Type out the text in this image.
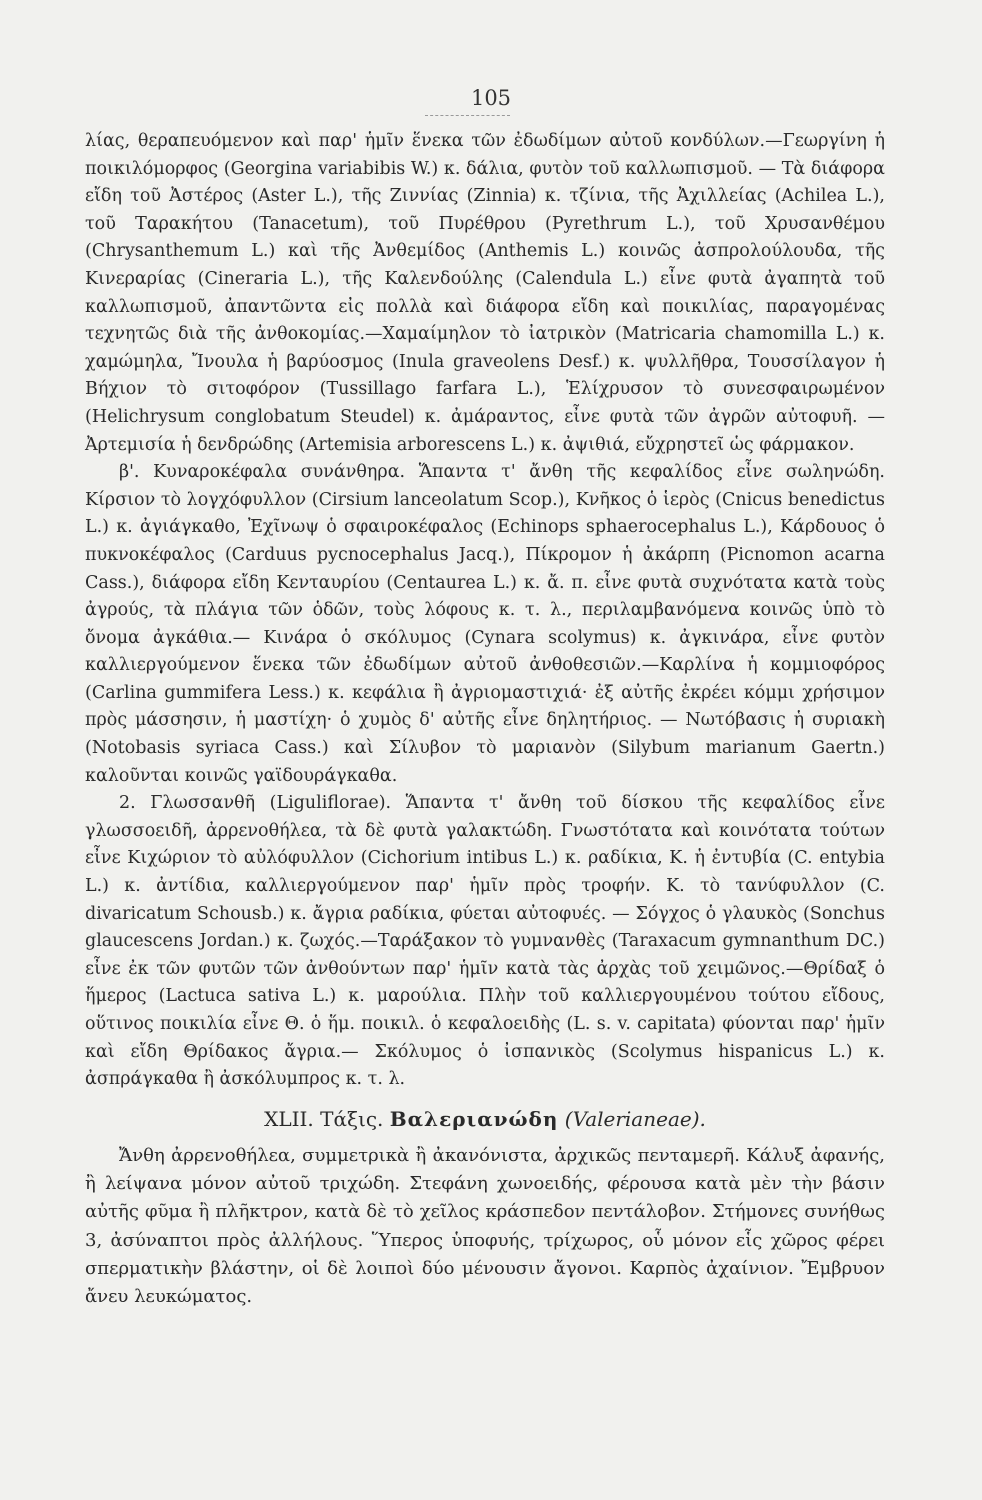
105

λίας, θεραπευόμενον καὶ παρ' ἡμῖν ἕνεκα τῶν ἐδωδίμων αὐτοῦ κονδύλων.—Γεωργίνη ἡ ποικιλόμορφος (Georgina variabibis W.) κ. δάλια, φυτὸν τοῦ καλλωπισμοῦ. — Τὰ διάφορα εἴδη τοῦ Ἀστέρος (Aster L.), τῆς Ζιννίας (Zinnia) κ. τζίνια, τῆς Ἀχιλλείας (Achilea L.), τοῦ Ταρακήτου (Tanacetum), τοῦ Πυρέθρου (Pyrethrum L.), τοῦ Χρυσανθέμου (Chrysanthemum L.) καὶ τῆς Ἀνθεμίδος (Anthemis L.) κοινῶς ἀσπρολούλουδα, τῆς Κινεραρίας (Cineraria L.), τῆς Καλενδούλης (Calendula L.) εἶνε φυτὰ ἀγαπητὰ τοῦ καλλωπισμοῦ, ἀπαντῶντα εἰς πολλὰ καὶ διάφορα εἴδη καὶ ποικιλίας, παραγομένας τεχνητῶς διὰ τῆς ἀνθοκομίας.—Χαμαίμηλον τὸ ἰατρικὸν (Matricaria chamomilla L.) κ. χαμώμηλα, Ἴνουλα ἡ βαρύοσμος (Inula graveolens Desf.) κ. ψυλλῆθρα, Τουσσίλαγον ἡ Βήχιον τὸ σιτοφόρον (Tussillago farfara L.), Ἑλίχρυσον τὸ συνεσφαιρωμένον (Helichrysum conglobatum Steudel) κ. ἀμάραντος, εἶνε φυτὰ τῶν ἀγρῶν αὐτοφυῆ. — Ἀρτεμισία ἡ δενδρώδης (Artemisia arborescens L.) κ. ἀψιθιά, εὔχρηστεῖ ὡς φάρμακον.

β'. Κυναροκέφαλα συνάνθηρα. Ἅπαντα τ' ἄνθη τῆς κεφαλίδος εἶνε σωληνώδη. Κίρσιον τὸ λογχόφυλλον (Cirsium lanceolatum Scop.), Κνῆκος ὁ ἱερὸς (Cnicus benedictus L.) κ. ἀγιάγκαθο, Ἐχῖνωψ ὁ σφαιροκέφαλος (Echinops sphaerocephalus L.), Κάρδουος ὁ πυκνοκέφαλος (Carduus pycnocephalus Jacq.), Πίκρομον ἡ ἀκάρπη (Picnomon acarna Cass.), διάφορα εἴδη Κενταυρίου (Centaurea L.) κ. ἄ. π. εἶνε φυτὰ συχνότατα κατὰ τοὺς ἀγρούς, τὰ πλάγια τῶν ὁδῶν, τοὺς λόφους κ. τ. λ., περιλαμβανόμενα κοινῶς ὑπὸ τὸ ὄνομα ἀγκάθια.— Κινάρα ὁ σκόλυμος (Cynara scolymus) κ. ἀγκινάρα, εἶνε φυτὸν καλλιεργούμενον ἕνεκα τῶν ἐδωδίμων αὐτοῦ ἀνθοθεσιῶν.—Καρλίνα ἡ κομμιοφόρος (Carlina gummifera Less.) κ. κεφάλια ἢ ἀγριομαστιχιά· ἐξ αὐτῆς ἐκρέει κόμμι χρήσιμον πρὸς μάσσησιν, ἡ μαστίχη· ὁ χυμὸς δ' αὐτῆς εἶνε δηλητήριος. — Νωτόβασις ἡ συριακὴ (Notobasis syriaca Cass.) καὶ Σίλυβον τὸ μαριανὸν (Silybum marianum Gaertn.) καλοῦνται κοινῶς γαϊδουράγκαθα.

2. Γλωσσανθῆ (Liguliflorae). Ἅπαντα τ' ἄνθη τοῦ δίσκου τῆς κεφαλίδος εἶνε γλωσσοειδῆ, ἀρρενοθήλεα, τὰ δὲ φυτὰ γαλακτώδη. Γνωστότατα καὶ κοινότατα τούτων εἶνε Κιχώριον τὸ αὐλόφυλλον (Cichorium intibus L.) κ. ραδίκια, Κ. ἡ ἐντυβία (C. entybia L.) κ. ἀντίδια, καλλιεργούμενον παρ' ἡμῖν πρὸς τροφήν. Κ. τὸ τανύφυλλον (C. divaricatum Schousb.) κ. ἄγρια ραδίκια, φύεται αὐτοφυές. — Σόγχος ὁ γλαυκὸς (Sonchus glaucescens Jordan.) κ. ζωχός.—Ταράξακον τὸ γυμνανθὲς (Taraxacum gymnanthum DC.) εἶνε ἐκ τῶν φυτῶν τῶν ἀνθούντων παρ' ἡμῖν κατὰ τὰς ἀρχὰς τοῦ χειμῶνος.—Θρίδαξ ὁ ἥμερος (Lactuca sativa L.) κ. μαρούλια. Πλὴν τοῦ καλλιεργουμένου τούτου εἴδους, οὕτινος ποικιλία εἶνε Θ. ὁ ἥμ. ποικιλ. ὁ κεφαλοειδὴς (L. s. v. capitata) φύονται παρ' ἡμῖν καὶ εἴδη Θρίδακος ἄγρια.— Σκόλυμος ὁ ἰσπανικὸς (Scolymus hispanicus L.) κ. ἀσπράγκαθα ἢ ἀσκόλυμπρος κ. τ. λ.

XLII. Τάξις. Βαλεριανώδη (Valerianeae).

Ἄνθη ἀρρενοθήλεα, συμμετρικὰ ἢ ἀκανόνιστα, ἀρχικῶς πενταμερῆ. Κάλυξ ἀφανής, ἢ λείψανα μόνον αὐτοῦ τριχώδη. Στεφάνη χωνοειδής, φέρουσα κατὰ μὲν τὴν βάσιν αὐτῆς φῦμα ἢ πλῆκτρον, κατὰ δὲ τὸ χεῖλος κράσπεδον πεντάλοβον. Στήμονες συνήθως 3, ἀσύναπτοι πρὸς ἀλλήλους. Ὕπερος ὑποφυής, τρίχωρος, οὗ μόνον εἷς χῶρος φέρει σπερματικὴν βλάστην, οἱ δὲ λοιποὶ δύο μένουσιν ἄγονοι. Καρπὸς ἀχαίνιον. Ἔμβρυον ἄνευ λευκώματος.
